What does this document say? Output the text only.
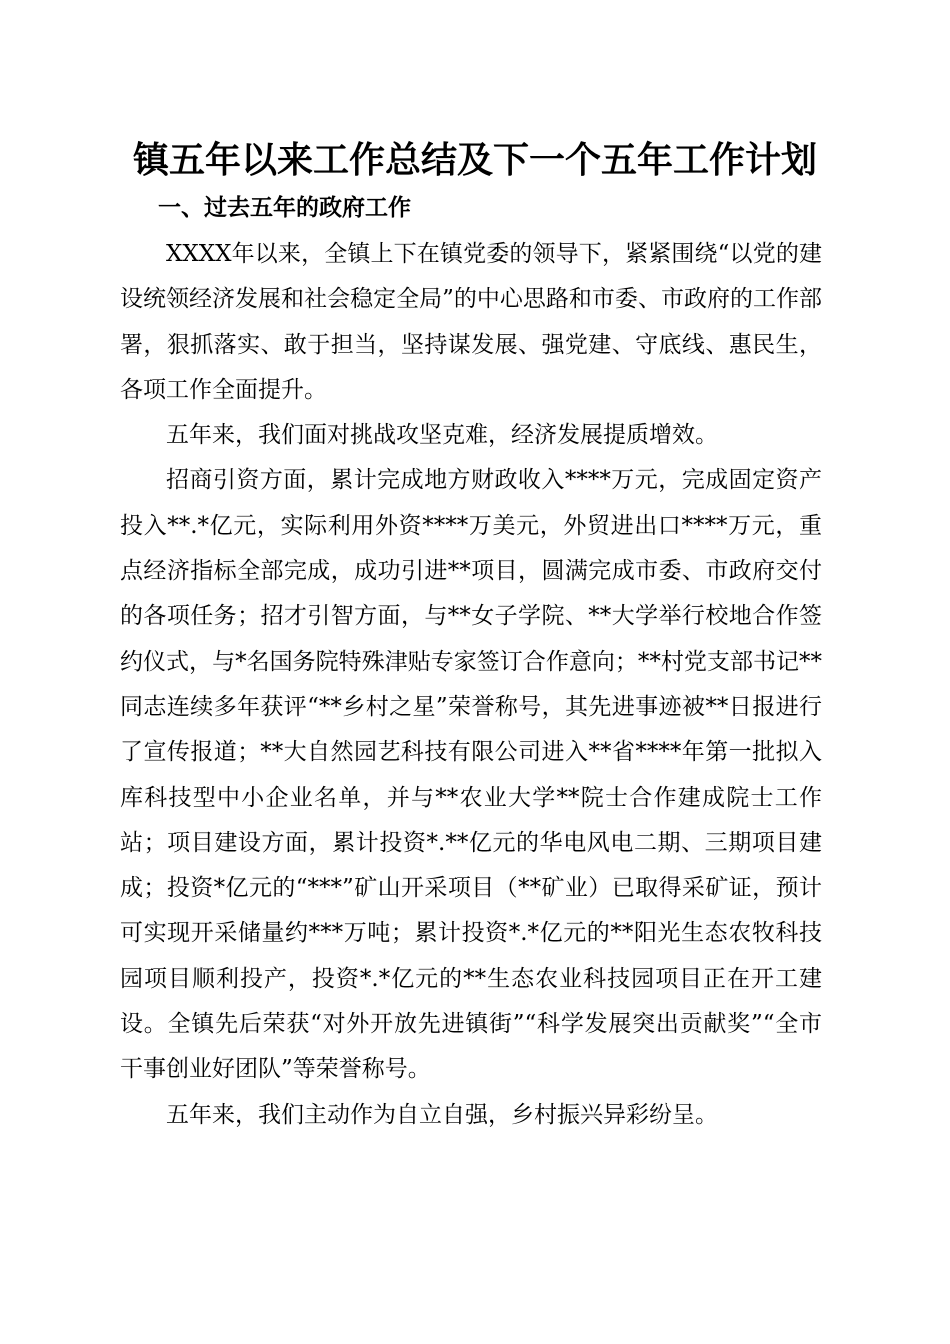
镇五年以来工作总结及下一个五年工作计划
一、过去五年的政府工作

XXXX年以来，全镇上下在镇党委的领导下，紧紧围绕“以党的建设统领经济发展和社会稳定全局”的中心思路和市委、市政府的工作部署，狠抓落实、敢于担当，坚持谋发展、强党建、守底线、惠民生，各项工作全面提升。

五年来，我们面对挑战攻坚克难，经济发展提质增效。

招商引资方面，累计完成地方财政收入****万元，完成固定资产投入**.*亿元，实际利用外资****万美元，外贸进出口****万元，重点经济指标全部完成，成功引进**项目，圆满完成市委、市政府交付的各项任务；招才引智方面，与**女子学院、**大学举行校地合作签约仪式，与*名国务院特殊津贴专家签订合作意向；**村党支部书记**同志连续多年获评“**乡村之星”荣誉称号，其先进事迹被**日报进行了宣传报道；**大自然园艺科技有限公司进入**省****年第一批拟入库科技型中小企业名单，并与**农业大学**院士合作建成院士工作站；项目建设方面，累计投资*.**亿元的华电风电二期、三期项目建成；投资*亿元的“***”矿山开采项目（**矿业）已取得采矿证，预计可实现开采储量约***万吨；累计投资*.*亿元的**阳光生态农牧科技园项目顺利投产，投资*.*亿元的**生态农业科技园项目正在开工建设。全镇先后荣获“对外开放先进镇街”“科学发展突出贡献奖”“全市干事创业好团队”等荣誉称号。

五年来，我们主动作为自立自强，乡村振兴异彩纷呈。
